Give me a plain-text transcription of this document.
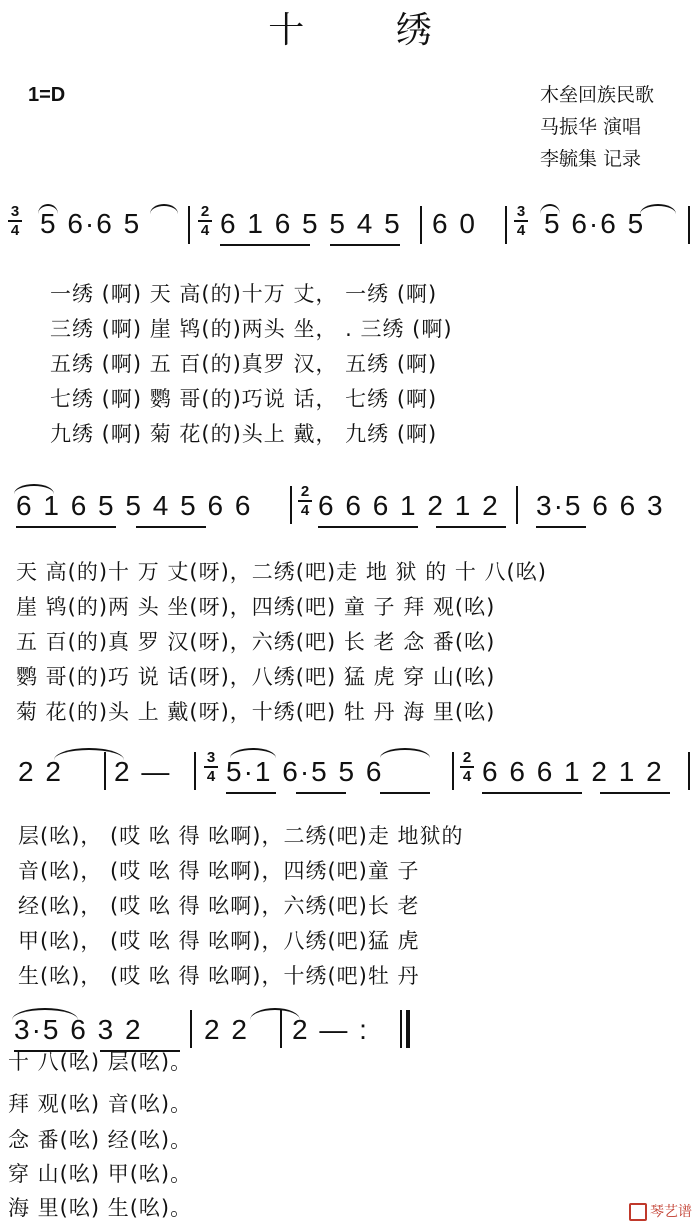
十 绣
1=D	木垒回族民歌
马振华 演唱
李毓集 记录
3
4 5 6·6 5	2
4 6 1 6 5 5 4 5 6 0	3
4 5 6·6 5
一绣 (啊) 天 高(的)十万 丈， 一绣 (啊)
三绣 (啊) 崖 鸨(的)两头 坐， . 三绣 (啊)
五绣 (啊) 五 百(的)真罗 汉， 五绣 (啊)
七绣 (啊) 鹦 哥(的)巧说 话， 七绣 (啊)
九绣 (啊) 菊 花(的)头上 戴， 九绣 (啊)
6 1 6 5 5 4 5 6 6	2
4 6 6 6 1 2 1 2 3·5 6 6 3
天 高(的)十 万 丈(呀)，二绣(吧)走 地 狱 的 十 八(吆)
崖 鸨(的)两 头 坐(呀)，四绣(吧) 童 子 拜 观(吆)
五 百(的)真 罗 汉(呀)，六绣(吧) 长 老 念 番(吆)
鹦 哥(的)巧 说 话(呀)，八绣(吧) 猛 虎 穿 山(吆)
菊 花(的)头 上 戴(呀)，十绣(吧) 牡 丹 海 里(吆)
2 2 2 — 3
4 5·1 6·5 5 6	2
4 6 6 6 1 2 1 2
层(吆)， (哎 吆 得 吆啊)，二绣(吧)走 地狱的
音(吆)， (哎 吆 得 吆啊)，四绣(吧)童 子
经(吆)， (哎 吆 得 吆啊)，六绣(吧)长 老
甲(吆)， (哎 吆 得 吆啊)，八绣(吧)猛 虎
生(吆)， (哎 吆 得 吆啊)，十绣(吧)牡 丹
3·5 6 3 2 2 2 2 — :
十 八(吆) 层(吆)。
拜 观(吆) 音(吆)。
念 番(吆) 经(吆)。
穿 山(吆) 甲(吆)。
海 里(吆) 生(吆)。	琴艺谱
